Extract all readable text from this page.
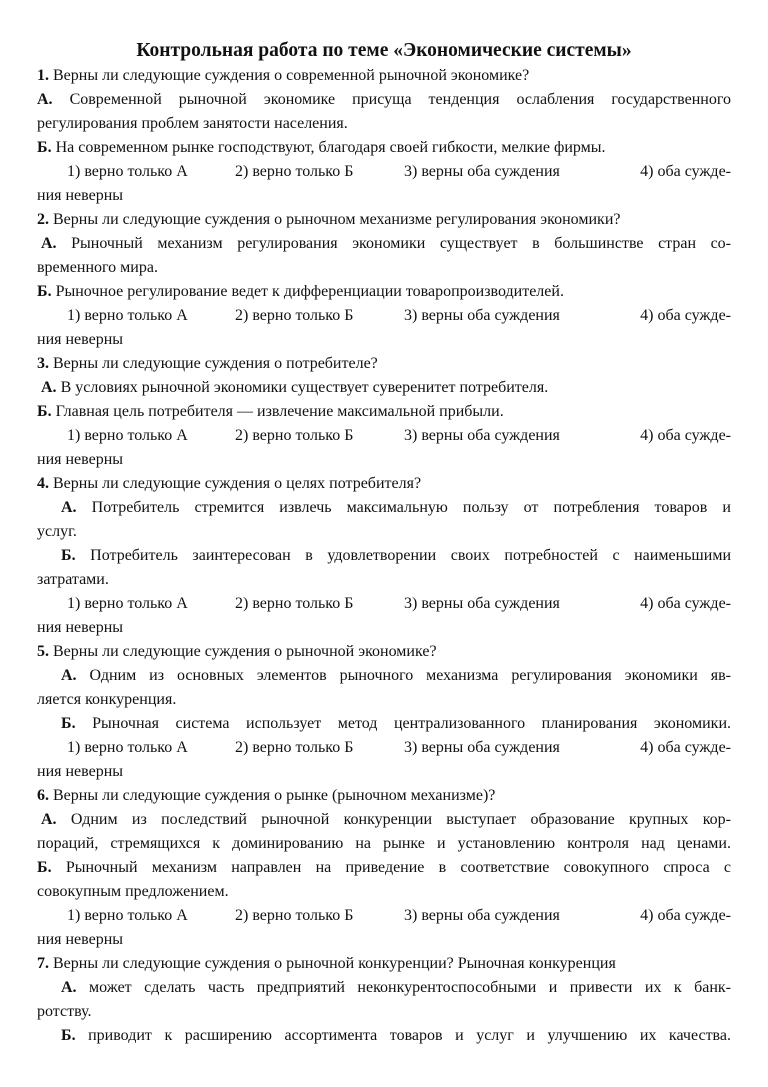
Контрольная работа по теме «Экономические системы»
1. Верны ли следующие суждения о современной рыночной экономике?
А. Современной рыночной экономике присуща тенденция ослабления государственного
регулирования проблем занятости населения.
Б. На современном рынке господствуют, благодаря своей гибкости, мелкие фирмы.
1) верно только А	2) верно только Б	3) верны оба суждения	4) оба сужде-
ния неверны
2. Верны ли следующие суждения о рыночном механизме регулирования экономики?
А. Рыночный механизм регулирования экономики существует в большинстве стран со-
временного мира.
Б. Рыночное регулирование ведет к дифференциации товаропроизводителей.
1) верно только А	2) верно только Б	3) верны оба суждения	4) оба сужде-
ния неверны
3. Верны ли следующие суждения о потребителе?
А. В условиях рыночной экономики существует суверенитет потребителя.
Б. Главная цель потребителя — извлечение максимальной прибыли.
1) верно только А	2) верно только Б	3) верны оба суждения	4) оба сужде-
ния неверны
4. Верны ли следующие суждения о целях потребителя?
А. Потребитель стремится извлечь максимальную пользу от потребления товаров и
услуг.
Б. Потребитель заинтересован в удовлетворении своих потребностей с наименьшими
затратами.
1) верно только А	2) верно только Б	3) верны оба суждения	4) оба сужде-
ния неверны
5. Верны ли следующие суждения о рыночной экономике?
А. Одним из основных элементов рыночного механизма регулирования экономики яв-
ляется конкуренция.
Б. Рыночная система использует метод централизованного планирования экономики.
1) верно только А	2) верно только Б	3) верны оба суждения	4) оба сужде-
ния неверны
6. Верны ли следующие суждения о рынке (рыночном механизме)?
А. Одним из последствий рыночной конкуренции выступает образование крупных кор-
пораций, стремящихся к доминированию на рынке и установлению контроля над ценами.
Б. Рыночный механизм направлен на приведение в соответствие совокупного спроса с
совокупным предложением.
1) верно только А	2) верно только Б	3) верны оба суждения	4) оба сужде-
ния неверны
7. Верны ли следующие суждения о рыночной конкуренции? Рыночная конкуренция
А. может сделать часть предприятий неконкурентоспособными и привести их к банк-
ротству.
Б. приводит к расширению ассортимента товаров и услуг и улучшению их качества.
